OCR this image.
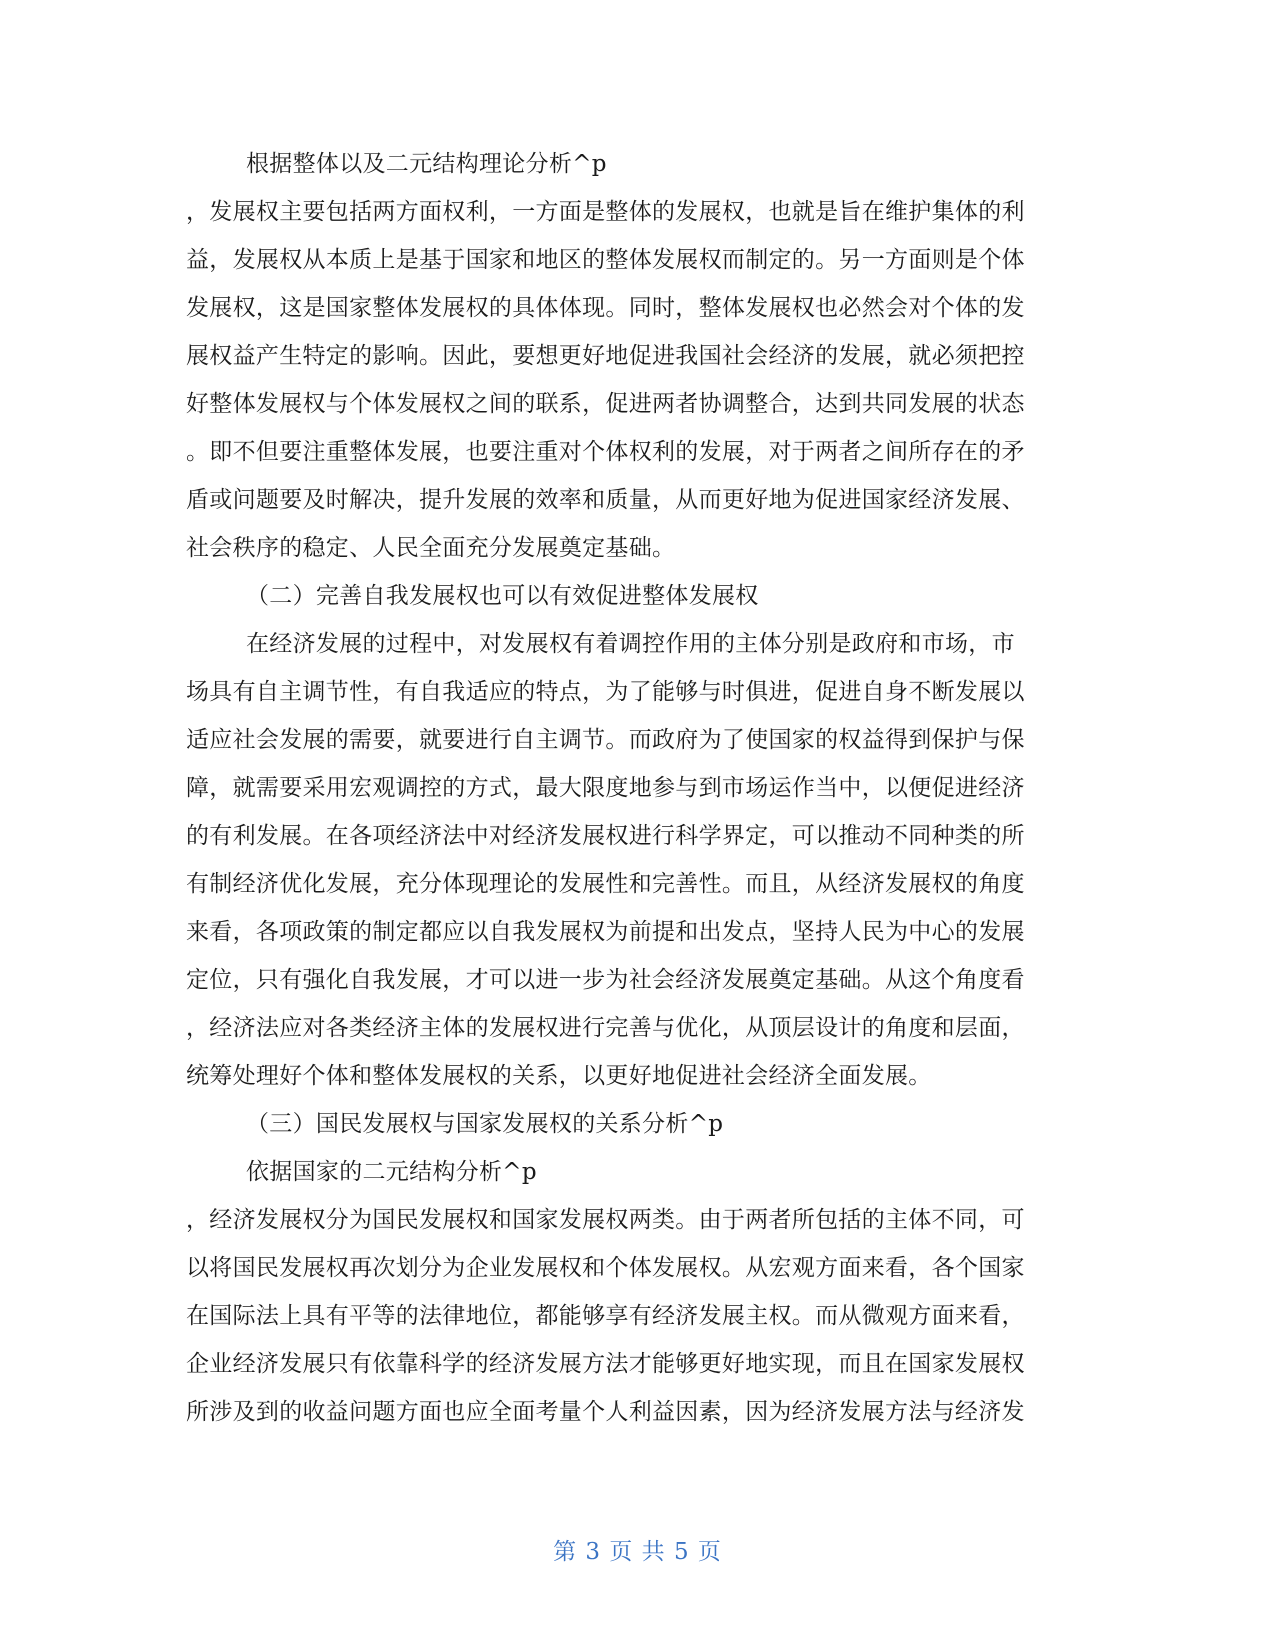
根据整体以及二元结构理论分析^p
，发展权主要包括两方面权利，一方面是整体的发展权，也就是旨在维护集体的利
益，发展权从本质上是基于国家和地区的整体发展权而制定的。另一方面则是个体
发展权，这是国家整体发展权的具体体现。同时，整体发展权也必然会对个体的发
展权益产生特定的影响。因此，要想更好地促进我国社会经济的发展，就必须把控
好整体发展权与个体发展权之间的联系，促进两者协调整合，达到共同发展的状态
。即不但要注重整体发展，也要注重对个体权利的发展，对于两者之间所存在的矛
盾或问题要及时解决，提升发展的效率和质量，从而更好地为促进国家经济发展、
社会秩序的稳定、人民全面充分发展奠定基础。
（二）完善自我发展权也可以有效促进整体发展权
在经济发展的过程中，对发展权有着调控作用的主体分别是政府和市场，市
场具有自主调节性，有自我适应的特点，为了能够与时俱进，促进自身不断发展以
适应社会发展的需要，就要进行自主调节。而政府为了使国家的权益得到保护与保
障，就需要采用宏观调控的方式，最大限度地参与到市场运作当中，以便促进经济
的有利发展。在各项经济法中对经济发展权进行科学界定，可以推动不同种类的所
有制经济优化发展，充分体现理论的发展性和完善性。而且，从经济发展权的角度
来看，各项政策的制定都应以自我发展权为前提和出发点，坚持人民为中心的发展
定位，只有强化自我发展，才可以进一步为社会经济发展奠定基础。从这个角度看
，经济法应对各类经济主体的发展权进行完善与优化，从顶层设计的角度和层面，
统筹处理好个体和整体发展权的关系，以更好地促进社会经济全面发展。
（三）国民发展权与国家发展权的关系分析^p
依据国家的二元结构分析^p
，经济发展权分为国民发展权和国家发展权两类。由于两者所包括的主体不同，可
以将国民发展权再次划分为企业发展权和个体发展权。从宏观方面来看，各个国家
在国际法上具有平等的法律地位，都能够享有经济发展主权。而从微观方面来看，
企业经济发展只有依靠科学的经济发展方法才能够更好地实现，而且在国家发展权
所涉及到的收益问题方面也应全面考量个人利益因素，因为经济发展方法与经济发
第 3 页 共 5 页
